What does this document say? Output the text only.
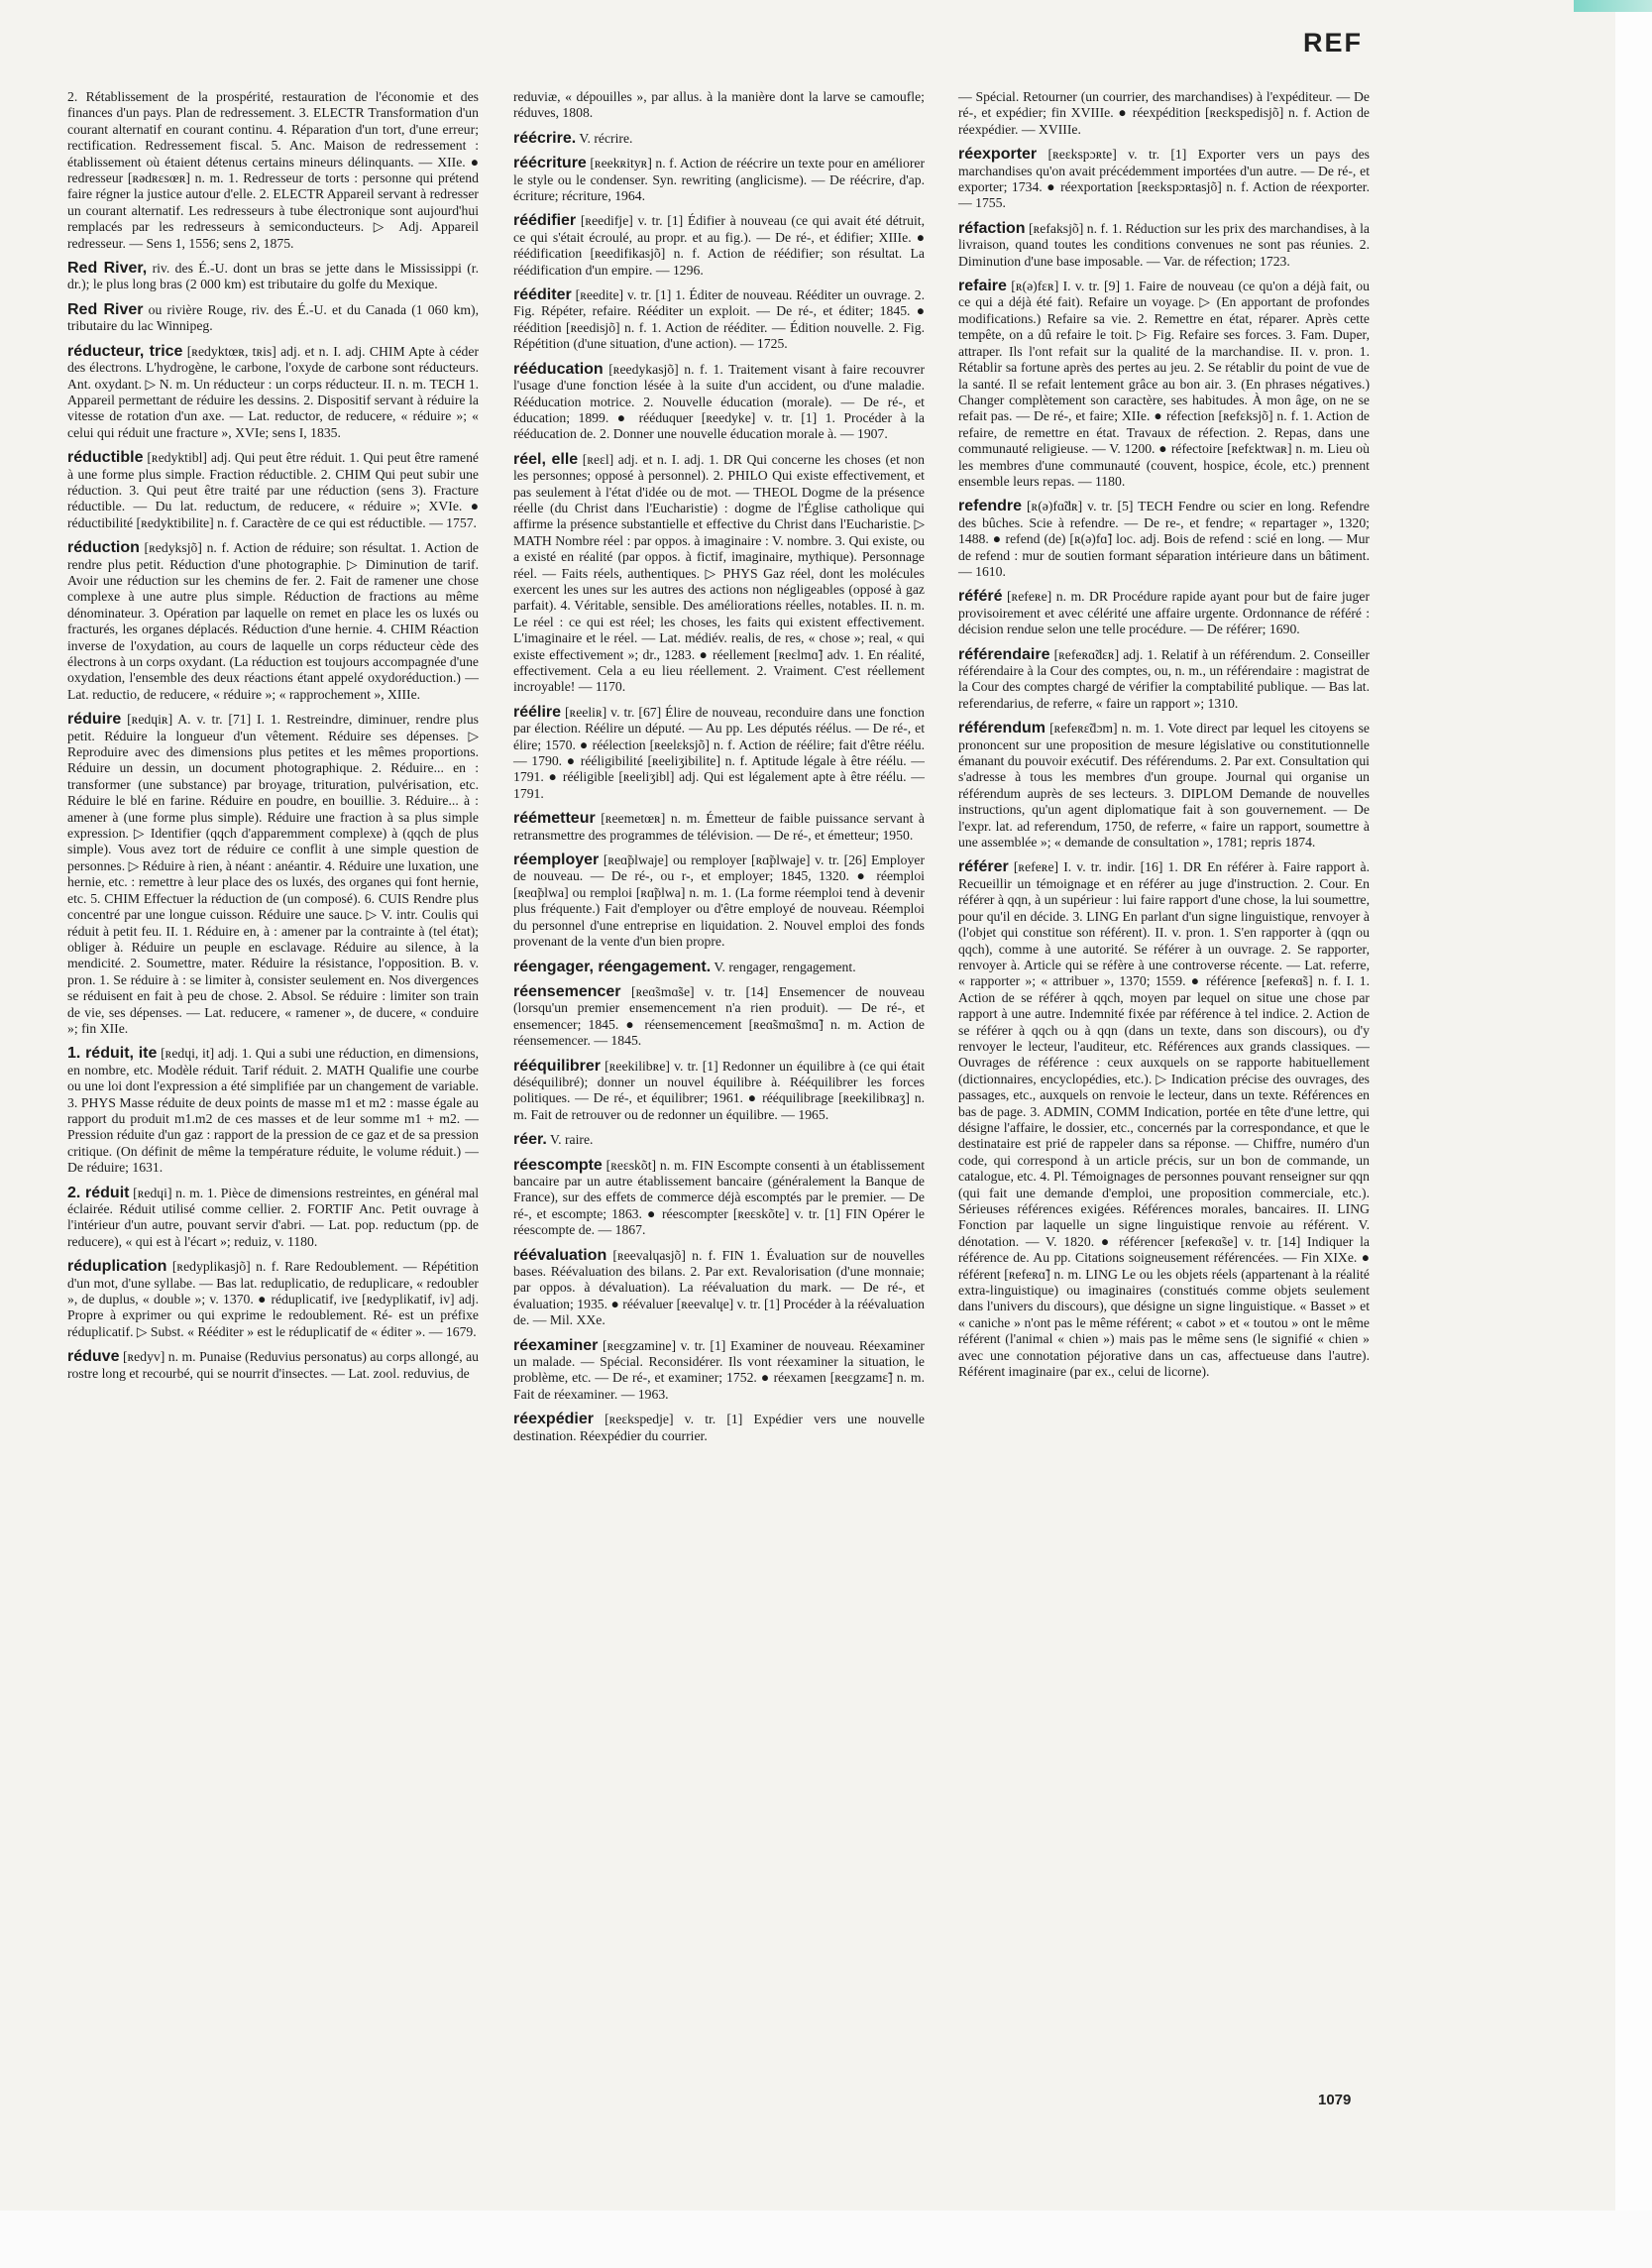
REF

2. Rétablissement de la prospérité, restauration de l'économie et des finances d'un pays. Plan de redressement. 3. ELECTR Transformation d'un courant alternatif en courant continu. 4. Réparation d'un tort, d'une erreur; rectification. Redressement fiscal. 5. Anc. Maison de redressement : établissement où étaient détenus certains mineurs délinquants. — XIIe. ● redresseur [ʀədʀɛsœʀ] n. m. 1. Redresseur de torts : personne qui prétend faire régner la justice autour d'elle. 2. ELECTR Appareil servant à redresser un courant alternatif. Les redresseurs à tube électronique sont aujourd'hui remplacés par les redresseurs à semiconducteurs. ▷ Adj. Appareil redresseur. — Sens 1, 1556; sens 2, 1875.

Red River, riv. des É.-U. dont un bras se jette dans le Mississippi (r. dr.); le plus long bras (2 000 km) est tributaire du golfe du Mexique.

Red River ou rivière Rouge, riv. des É.-U. et du Canada (1 060 km), tributaire du lac Winnipeg.

réducteur, trice [ʀedyktœʀ, tʀis] adj. et n. I. adj. CHIM Apte à céder des électrons. L'hydrogène, le carbone, l'oxyde de carbone sont réducteurs. Ant. oxydant. ▷ N. m. Un réducteur : un corps réducteur. II. n. m. TECH 1. Appareil permettant de réduire les dessins. 2. Dispositif servant à réduire la vitesse de rotation d'un axe. — Lat. reductor, de reducere, « réduire »; « celui qui réduit une fracture », XVIe; sens I, 1835.

réductible [ʀedyktibl] adj. Qui peut être réduit. 1. Qui peut être ramené à une forme plus simple. Fraction réductible. 2. CHIM Qui peut subir une réduction. 3. Qui peut être traité par une réduction (sens 3). Fracture réductible. — Du lat. reductum, de reducere, « réduire »; XVIe. ● réductibilité [ʀedyktibilite] n. f. Caractère de ce qui est réductible. — 1757.

réduction [ʀedyksjõ] n. f. Action de réduire; son résultat. 1. Action de rendre plus petit. Réduction d'une photographie. ▷ Diminution de tarif. Avoir une réduction sur les chemins de fer. 2. Fait de ramener une chose complexe à une autre plus simple. Réduction de fractions au même dénominateur. 3. Opération par laquelle on remet en place les os luxés ou fracturés, les organes déplacés. Réduction d'une hernie. 4. CHIM Réaction inverse de l'oxydation, au cours de laquelle un corps réducteur cède des électrons à un corps oxydant. (La réduction est toujours accompagnée d'une oxydation, l'ensemble des deux réactions étant appelé oxydoréduction.) — Lat. reductio, de reducere, « réduire »; « rapprochement », XIIIe.

réduire [ʀedɥiʀ] A. v. tr. [71] I. 1. Restreindre, diminuer, rendre plus petit. Réduire la longueur d'un vêtement. Réduire ses dépenses. ▷ Reproduire avec des dimensions plus petites et les mêmes proportions. Réduire un dessin, un document photographique. 2. Réduire... en : transformer (une substance) par broyage, trituration, pulvérisation, etc. Réduire le blé en farine. Réduire en poudre, en bouillie. 3. Réduire... à : amener à (une forme plus simple). Réduire une fraction à sa plus simple expression. ▷ Identifier (qqch d'apparemment complexe) à (qqch de plus simple). Vous avez tort de réduire ce conflit à une simple question de personnes. ▷ Réduire à rien, à néant : anéantir. 4. Réduire une luxation, une hernie, etc. : remettre à leur place des os luxés, des organes qui font hernie, etc. 5. CHIM Effectuer la réduction de (un composé). 6. CUIS Rendre plus concentré par une longue cuisson. Réduire une sauce. ▷ V. intr. Coulis qui réduit à petit feu. II. 1. Réduire en, à : amener par la contrainte à (tel état); obliger à. Réduire un peuple en esclavage. Réduire au silence, à la mendicité. 2. Soumettre, mater. Réduire la résistance, l'opposition. B. v. pron. 1. Se réduire à : se limiter à, consister seulement en. Nos divergences se réduisent en fait à peu de chose. 2. Absol. Se réduire : limiter son train de vie, ses dépenses. — Lat. reducere, « ramener », de ducere, « conduire »; fin XIIe.

1. réduit, ite [ʀedɥi, it] adj. 1. Qui a subi une réduction, en dimensions, en nombre, etc. Modèle réduit. Tarif réduit. 2. MATH Qualifie une courbe ou une loi dont l'expression a été simplifiée par un changement de variable. 3. PHYS Masse réduite de deux points de masse m1 et m2 : masse égale au rapport du produit m1.m2 de ces masses et de leur somme m1 + m2. — Pression réduite d'un gaz : rapport de la pression de ce gaz et de sa pression critique. (On définit de même la température réduite, le volume réduit.) — De réduire; 1631.

2. réduit [ʀedɥi] n. m. 1. Pièce de dimensions restreintes, en général mal éclairée. Réduit utilisé comme cellier. 2. FORTIF Anc. Petit ouvrage à l'intérieur d'un autre, pouvant servir d'abri. — Lat. pop. reductum (pp. de reducere), « qui est à l'écart »; reduiz, v. 1180.

réduplication [ʀedyplikasjõ] n. f. Rare Redoublement. — Répétition d'un mot, d'une syllabe. — Bas lat. reduplicatio, de reduplicare, « redoubler », de duplus, « double »; v. 1370. ● réduplicatif, ive [ʀedyplikatif, iv] adj. Propre à exprimer ou qui exprime le redoublement. Ré- est un préfixe réduplicatif. ▷ Subst. « Rééditer » est le réduplicatif de « éditer ». — 1679.

réduve [ʀedyv] n. m. Punaise (Reduvius personatus) au corps allongé, au rostre long et recourbé, qui se nourrit d'insectes. — Lat. zool. reduvius, de

reduviæ, « dépouilles », par allus. à la manière dont la larve se camoufle; réduves, 1808.

réécrire. V. récrire.

réécriture [ʀeekʀityʀ] n. f. Action de réécrire un texte pour en améliorer le style ou le condenser. Syn. rewriting (anglicisme). — De réécrire, d'ap. écriture; récriture, 1964.

réédifier [ʀeedifje] v. tr. [1] Édifier à nouveau (ce qui avait été détruit, ce qui s'était écroulé, au propr. et au fig.). — De ré-, et édifier; XIIIe. ● réédification [ʀeedifikasjõ] n. f. Action de réédifier; son résultat. La réédification d'un empire. — 1296.

rééditer [ʀeedite] v. tr. [1] 1. Éditer de nouveau. Rééditer un ouvrage. 2. Fig. Répéter, refaire. Rééditer un exploit. — De ré-, et éditer; 1845. ● réédition [ʀeedisjõ] n. f. 1. Action de rééditer. — Édition nouvelle. 2. Fig. Répétition (d'une situation, d'une action). — 1725.

rééducation [ʀeedykasjõ] n. f. 1. Traitement visant à faire recouvrer l'usage d'une fonction lésée à la suite d'un accident, ou d'une maladie. Rééducation motrice. 2. Nouvelle éducation (morale). — De ré-, et éducation; 1899. ● rééduquer [ʀeedyke] v. tr. [1] 1. Procéder à la rééducation de. 2. Donner une nouvelle éducation morale à. — 1907.

réel, elle [ʀeɛl] adj. et n. I. adj. 1. DR Qui concerne les choses (et non les personnes; opposé à personnel). 2. PHILO Qui existe effectivement, et pas seulement à l'état d'idée ou de mot. — THEOL Dogme de la présence réelle (du Christ dans l'Eucharistie) : dogme de l'Église catholique qui affirme la présence substantielle et effective du Christ dans l'Eucharistie. ▷ MATH Nombre réel : par oppos. à imaginaire : V. nombre. 3. Qui existe, ou a existé en réalité (par oppos. à fictif, imaginaire, mythique). Personnage réel. — Faits réels, authentiques. ▷ PHYS Gaz réel, dont les molécules exercent les unes sur les autres des actions non négligeables (opposé à gaz parfait). 4. Véritable, sensible. Des améliorations réelles, notables. II. n. m. Le réel : ce qui est réel; les choses, les faits qui existent effectivement. L'imaginaire et le réel. — Lat. médiév. realis, de res, « chose »; real, « qui existe effectivement »; dr., 1283. ● réellement [ʀeɛlmɑ̃] adv. 1. En réalité, effectivement. Cela a eu lieu réellement. 2. Vraiment. C'est réellement incroyable! — 1170.

réélire [ʀeeliʀ] v. tr. [67] Élire de nouveau, reconduire dans une fonction par élection. Réélire un député. — Au pp. Les députés réélus. — De ré-, et élire; 1570. ● réélection [ʀeelɛksjõ] n. f. Action de réélire; fait d'être réélu. — 1790. ● rééligibilité [ʀeeliʒibilite] n. f. Aptitude légale à être réélu. — 1791. ● rééligible [ʀeeliʒibl] adj. Qui est légalement apte à être réélu. — 1791.

réémetteur [ʀeemetœʀ] n. m. Émetteur de faible puissance servant à retransmettre des programmes de télévision. — De ré-, et émetteur; 1950.

réemployer [ʀeɑ̃plwaje] ou remployer [ʀɑ̃plwaje] v. tr. [26] Employer de nouveau. — De ré-, ou r-, et employer; 1845, 1320. ● réemploi [ʀeɑ̃plwa] ou remploi [ʀɑ̃plwa] n. m. 1. (La forme réemploi tend à devenir plus fréquente.) Fait d'employer ou d'être employé de nouveau. Réemploi du personnel d'une entreprise en liquidation. 2. Nouvel emploi des fonds provenant de la vente d'un bien propre.

réengager, réengagement. V. rengager, rengagement.

réensemencer [ʀeɑ̃smɑ̃se] v. tr. [14] Ensemencer de nouveau (lorsqu'un premier ensemencement n'a rien produit). — De ré-, et ensemencer; 1845. ● réensemencement [ʀeɑ̃smɑ̃smɑ̃] n. m. Action de réensemencer. — 1845.

rééquilibrer [ʀeekilibʀe] v. tr. [1] Redonner un équilibre à (ce qui était déséquilibré); donner un nouvel équilibre à. Rééquilibrer les forces politiques. — De ré-, et équilibrer; 1961. ● rééquilibrage [ʀeekilibʀaʒ] n. m. Fait de retrouver ou de redonner un équilibre. — 1965.

réer. V. raire.

réescompte [ʀeɛskõt] n. m. FIN Escompte consenti à un établissement bancaire par un autre établissement bancaire (généralement la Banque de France), sur des effets de commerce déjà escomptés par le premier. — De ré-, et escompte; 1863. ● réescompter [ʀeɛskõte] v. tr. [1] FIN Opérer le réescompte de. — 1867.

réévaluation [ʀeevalɥasjõ] n. f. FIN 1. Évaluation sur de nouvelles bases. Réévaluation des bilans. 2. Par ext. Revalorisation (d'une monnaie; par oppos. à dévaluation). La réévaluation du mark. — De ré-, et évaluation; 1935. ● réévaluer [ʀeevalɥe] v. tr. [1] Procéder à la réévaluation de. — Mil. XXe.

réexaminer [ʀeɛgzamine] v. tr. [1] Examiner de nouveau. Réexaminer un malade. — Spécial. Reconsidérer. Ils vont réexaminer la situation, le problème, etc. — De ré-, et examiner; 1752. ● réexamen [ʀeɛgzamɛ̃] n. m. Fait de réexaminer. — 1963.

réexpédier [ʀeɛkspedje] v. tr. [1] Expédier vers une nouvelle destination. Réexpédier du courrier.

— Spécial. Retourner (un courrier, des marchandises) à l'expéditeur. — De ré-, et expédier; fin XVIIIe. ● réexpédition [ʀeɛkspedisjõ] n. f. Action de réexpédier. — XVIIIe.

réexporter [ʀeɛkspɔʀte] v. tr. [1] Exporter vers un pays des marchandises qu'on avait précédemment importées d'un autre. — De ré-, et exporter; 1734. ● réexportation [ʀeɛkspɔʀtasjõ] n. f. Action de réexporter. — 1755.

réfaction [ʀefaksjõ] n. f. 1. Réduction sur les prix des marchandises, à la livraison, quand toutes les conditions convenues ne sont pas réunies. 2. Diminution d'une base imposable. — Var. de réfection; 1723.

refaire [ʀ(ə)fɛʀ] I. v. tr. [9] 1. Faire de nouveau (ce qu'on a déjà fait, ou ce qui a déjà été fait). Refaire un voyage. ▷ (En apportant de profondes modifications.) Refaire sa vie. 2. Remettre en état, réparer. Après cette tempête, on a dû refaire le toit. ▷ Fig. Refaire ses forces. 3. Fam. Duper, attraper. Ils l'ont refait sur la qualité de la marchandise. II. v. pron. 1. Rétablir sa fortune après des pertes au jeu. 2. Se rétablir du point de vue de la santé. Il se refait lentement grâce au bon air. 3. (En phrases négatives.) Changer complètement son caractère, ses habitudes. À mon âge, on ne se refait pas. — De ré-, et faire; XIIe. ● réfection [ʀefɛksjõ] n. f. 1. Action de refaire, de remettre en état. Travaux de réfection. 2. Repas, dans une communauté religieuse. — V. 1200. ● réfectoire [ʀefɛktwaʀ] n. m. Lieu où les membres d'une communauté (couvent, hospice, école, etc.) prennent ensemble leurs repas. — 1180.

refendre [ʀ(ə)fɑ̃dʀ] v. tr. [5] TECH Fendre ou scier en long. Refendre des bûches. Scie à refendre. — De re-, et fendre; « repartager », 1320; 1488. ● refend (de) [ʀ(ə)fɑ̃] loc. adj. Bois de refend : scié en long. — Mur de refend : mur de soutien formant séparation intérieure dans un bâtiment. — 1610.

référé [ʀefeʀe] n. m. DR Procédure rapide ayant pour but de faire juger provisoirement et avec célérité une affaire urgente. Ordonnance de référé : décision rendue selon une telle procédure. — De référer; 1690.

référendaire [ʀefeʀɑ̃dɛʀ] adj. 1. Relatif à un référendum. 2. Conseiller référendaire à la Cour des comptes, ou, n. m., un référendaire : magistrat de la Cour des comptes chargé de vérifier la comptabilité publique. — Bas lat. referendarius, de referre, « faire un rapport »; 1310.

référendum [ʀefeʀɛ̃dɔm] n. m. 1. Vote direct par lequel les citoyens se prononcent sur une proposition de mesure législative ou constitutionnelle émanant du pouvoir exécutif. Des référendums. 2. Par ext. Consultation qui s'adresse à tous les membres d'un groupe. Journal qui organise un référendum auprès de ses lecteurs. 3. DIPLOM Demande de nouvelles instructions, qu'un agent diplomatique fait à son gouvernement. — De l'expr. lat. ad referendum, 1750, de referre, « faire un rapport, soumettre à une assemblée »; « demande de consultation », 1781; repris 1874.

référer [ʀefeʀe] I. v. tr. indir. [16] 1. DR En référer à. Faire rapport à. Recueillir un témoignage et en référer au juge d'instruction. 2. Cour. En référer à qqn, à un supérieur : lui faire rapport d'une chose, la lui soumettre, pour qu'il en décide. 3. LING En parlant d'un signe linguistique, renvoyer à (l'objet qui constitue son référent). II. v. pron. 1. S'en rapporter à (qqn ou qqch), comme à une autorité. Se référer à un ouvrage. 2. Se rapporter, renvoyer à. Article qui se réfère à une controverse récente. — Lat. referre, « rapporter »; « attribuer », 1370; 1559. ● référence [ʀefeʀɑ̃s] n. f. I. 1. Action de se référer à qqch, moyen par lequel on situe une chose par rapport à une autre. Indemnité fixée par référence à tel indice. 2. Action de se référer à qqch ou à qqn (dans un texte, dans son discours), ou d'y renvoyer le lecteur, l'auditeur, etc. Références aux grands classiques. — Ouvrages de référence : ceux auxquels on se rapporte habituellement (dictionnaires, encyclopédies, etc.). ▷ Indication précise des ouvrages, des passages, etc., auxquels on renvoie le lecteur, dans un texte. Références en bas de page. 3. ADMIN, COMM Indication, portée en tête d'une lettre, qui désigne l'affaire, le dossier, etc., concernés par la correspondance, et que le destinataire est prié de rappeler dans sa réponse. — Chiffre, numéro d'un code, qui correspond à un article précis, sur un bon de commande, un catalogue, etc. 4. Pl. Témoignages de personnes pouvant renseigner sur qqn (qui fait une demande d'emploi, une proposition commerciale, etc.). Sérieuses références exigées. Références morales, bancaires. II. LING Fonction par laquelle un signe linguistique renvoie au référent. V. dénotation. — V. 1820. ● référencer [ʀefeʀɑ̃se] v. tr. [14] Indiquer la référence de. Au pp. Citations soigneusement référencées. — Fin XIXe. ● référent [ʀefeʀɑ̃] n. m. LING Le ou les objets réels (appartenant à la réalité extra-linguistique) ou imaginaires (constitués comme objets seulement dans l'univers du discours), que désigne un signe linguistique. « Basset » et « caniche » n'ont pas le même référent; « cabot » et « toutou » ont le même référent (l'animal « chien ») mais pas le même sens (le signifié « chien » avec une connotation péjorative dans un cas, affectueuse dans l'autre). Référent imaginaire (par ex., celui de licorne).

1079
